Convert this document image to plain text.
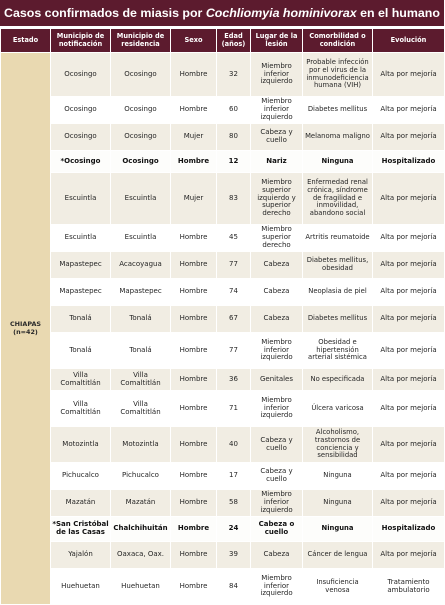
Casos confirmados de miasis por
Cochliomyia hominivorax
en el humano
Estado	Municipio de notificación	Municipio de residencia	Sexo	Edad (años)	Lugar de la lesión	Comorbilidad o condición	Evolución

CHIAPAS
(n=42)	Ocosingo	Ocosingo	Hombre	32	Miembro inferior izquierdo	Probable infección por el virus de la inmunodeficiencia humana (VIH)	Alta por mejoría
	Ocosingo	Ocosingo	Hombre	60	Miembro inferior izquierdo	Diabetes mellitus	Alta por mejoría
	Ocosingo	Ocosingo	Mujer	80	Cabeza y cuello	Melanoma maligno	Alta por mejoría
	*Ocosingo	Ocosingo	Hombre	12	Nariz	Ninguna	Hospitalizado
	Escuintla	Escuintla	Mujer	83	Miembro superior izquierdo y superior derecho	Enfermedad renal crónica, síndrome de fragilidad e inmovilidad, abandono social	Alta por mejoría
	Escuintla	Escuintla	Hombre	45	Miembro superior derecho	Artritis reumatoide	Alta por mejoría
	Mapastepec	Acacoyagua	Hombre	77	Cabeza	Diabetes mellitus, obesidad	Alta por mejoría
	Mapastepec	Mapastepec	Hombre	74	Cabeza	Neoplasia de piel	Alta por mejoría
	Tonalá	Tonalá	Hombre	67	Cabeza	Diabetes mellitus	Alta por mejoría
	Tonalá	Tonalá	Hombre	77	Miembro inferior izquierdo	Obesidad e hipertensión arterial sistémica	Alta por mejoría
	Villa Comaltitlán	Villa Comaltitlán	Hombre	36	Genitales	No especificada	Alta por mejoría
	Villa Comaltitlán	Villa Comaltitlán	Hombre	71	Miembro inferior izquierdo	Úlcera varicosa	Alta por mejoría
	Motozintla	Motozintla	Hombre	40	Cabeza y cuello	Alcoholismo, trastornos de conciencia y sensibilidad	Alta por mejoría
	Pichucalco	Pichucalco	Hombre	17	Cabeza y cuello	Ninguna	Alta por mejoría
	Mazatán	Mazatán	Hombre	58	Miembro inferior izquierdo	Ninguna	Alta por mejoría
	*San Cristóbal de las Casas	Chalchihuitán	Hombre	24	Cabeza o cuello	Ninguna	Hospitalizado
	Yajalón	Oaxaca, Oax.	Hombre	39	Cabeza	Cáncer de lengua	Alta por mejoría
	Huehuetan	Huehuetan	Hombre	84	Miembro inferior izquierdo	Insuficiencia venosa	Tratamiento ambulatorio
